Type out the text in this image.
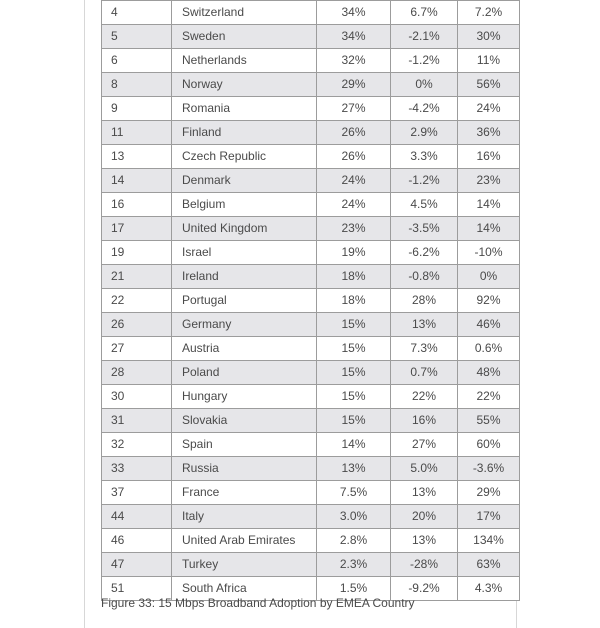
4	Switzerland	34%	6.7%	7.2%
5	Sweden	34%	-2.1%	30%
6	Netherlands	32%	-1.2%	11%
8	Norway	29%	0%	56%
9	Romania	27%	-4.2%	24%
11	Finland	26%	2.9%	36%
13	Czech Republic	26%	3.3%	16%
14	Denmark	24%	-1.2%	23%
16	Belgium	24%	4.5%	14%
17	United Kingdom	23%	-3.5%	14%
19	Israel	19%	-6.2%	-10%
21	Ireland	18%	-0.8%	0%
22	Portugal	18%	28%	92%
26	Germany	15%	13%	46%
27	Austria	15%	7.3%	0.6%
28	Poland	15%	0.7%	48%
30	Hungary	15%	22%	22%
31	Slovakia	15%	16%	55%
32	Spain	14%	27%	60%
33	Russia	13%	5.0%	-3.6%
37	France	7.5%	13%	29%
44	Italy	3.0%	20%	17%
46	United Arab Emirates	2.8%	13%	134%
47	Turkey	2.3%	-28%	63%
51	South Africa	1.5%	-9.2%	4.3%
Figure 33: 15 Mbps Broadband Adoption by EMEA Country
